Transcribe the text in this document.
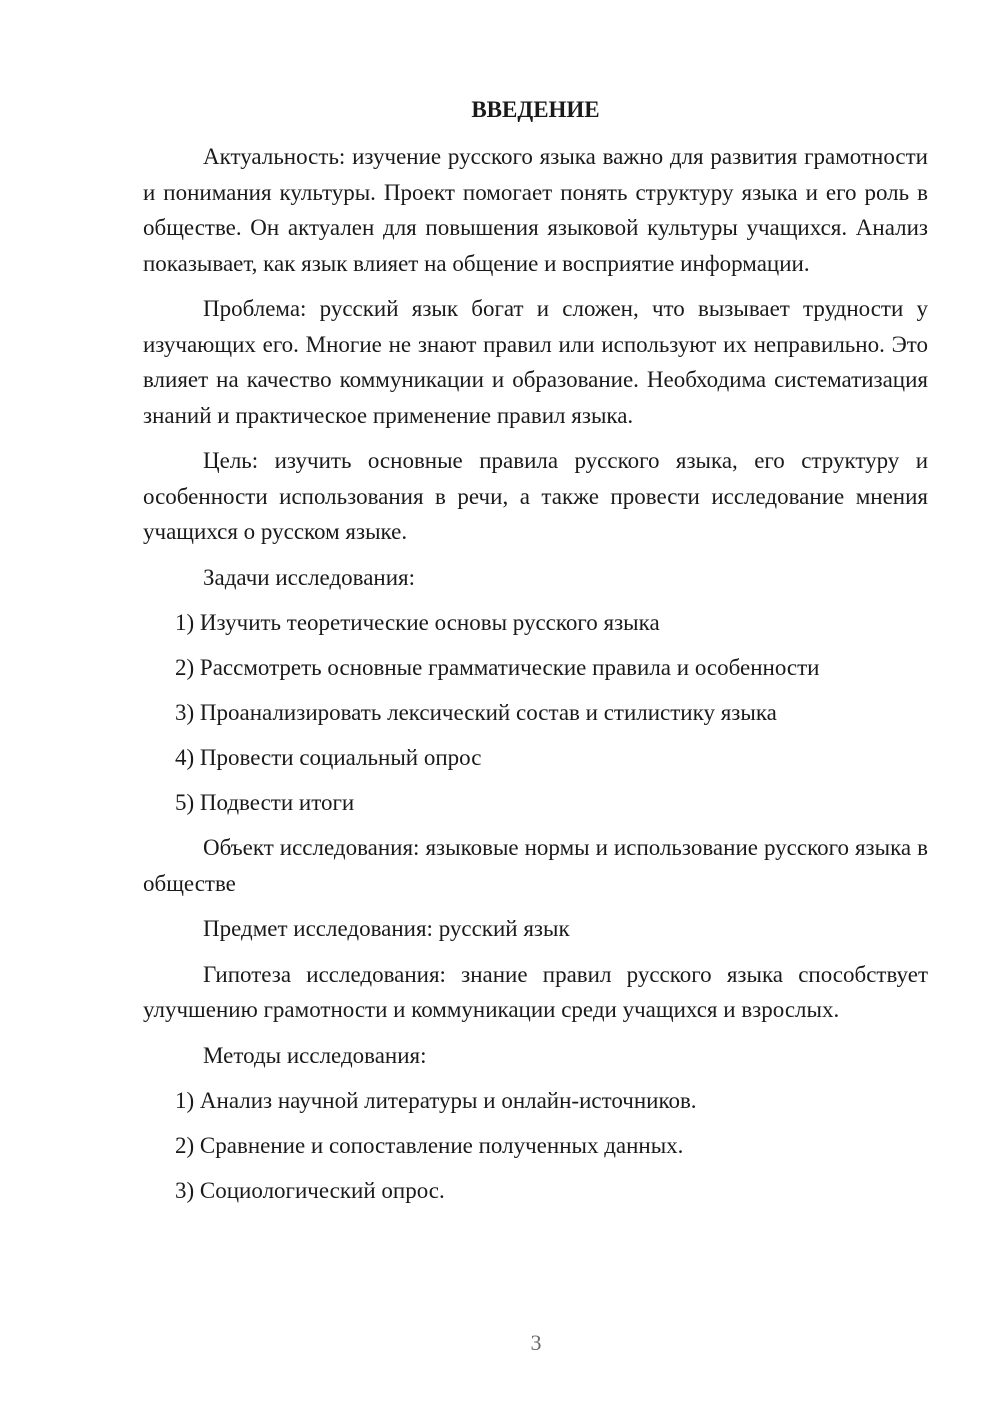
ВВЕДЕНИЕ

Актуальность: изучение русского языка важно для развития грамотности и понимания культуры. Проект помогает понять структуру языка и его роль в обществе. Он актуален для повышения языковой культуры учащихся. Анализ показывает, как язык влияет на общение и восприятие информации.

Проблема: русский язык богат и сложен, что вызывает трудности у изучающих его. Многие не знают правил или используют их неправильно. Это влияет на качество коммуникации и образование. Необходима систематизация знаний и практическое применение правил языка.

Цель: изучить основные правила русского языка, его структуру и особенности использования в речи, а также провести исследование мнения учащихся о русском языке.

Задачи исследования:

1) Изучить теоретические основы русского языка
2) Рассмотреть основные грамматические правила и особенности
3) Проанализировать лексический состав и стилистику языка
4) Провести социальный опрос
5) Подвести итоги

Объект исследования: языковые нормы и использование русского языка в обществе

Предмет исследования: русский язык

Гипотеза исследования: знание правил русского языка способствует улучшению грамотности и коммуникации среди учащихся и взрослых.

Методы исследования:

1) Анализ научной литературы и онлайн-источников.
2) Сравнение и сопоставление полученных данных.
3) Социологический опрос.
3
